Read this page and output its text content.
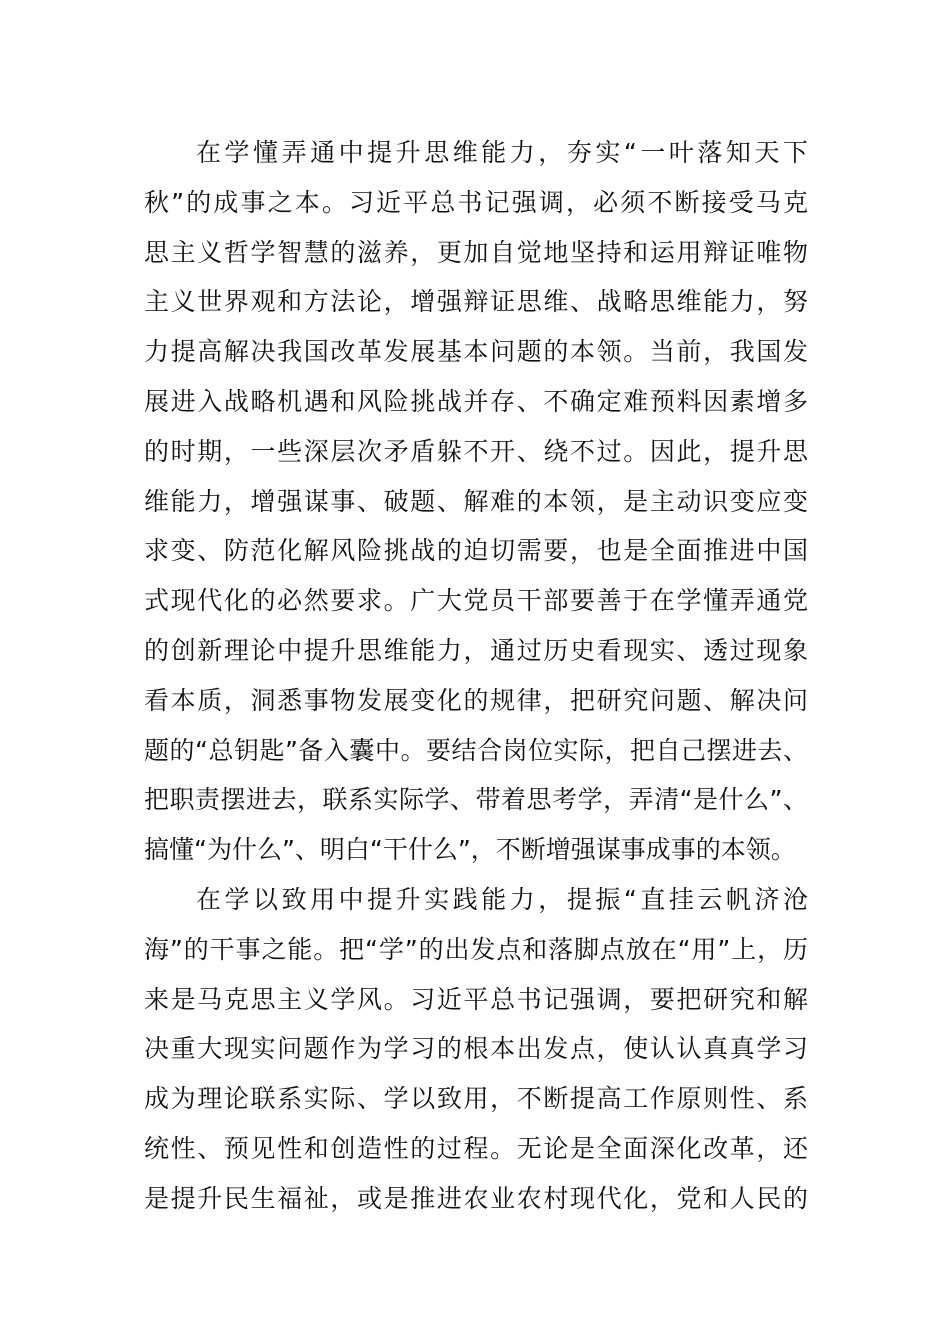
在学懂弄通中提升思维能力，夯实“一叶落知天下
秋”的成事之本。习近平总书记强调，必须不断接受马克
思主义哲学智慧的滋养，更加自觉地坚持和运用辩证唯物
主义世界观和方法论，增强辩证思维、战略思维能力，努
力提高解决我国改革发展基本问题的本领。当前，我国发
展进入战略机遇和风险挑战并存、不确定难预料因素增多
的时期，一些深层次矛盾躲不开、绕不过。因此，提升思
维能力，增强谋事、破题、解难的本领，是主动识变应变
求变、防范化解风险挑战的迫切需要，也是全面推进中国
式现代化的必然要求。广大党员干部要善于在学懂弄通党
的创新理论中提升思维能力，通过历史看现实、透过现象
看本质，洞悉事物发展变化的规律，把研究问题、解决问
题的“总钥匙”备入囊中。要结合岗位实际，把自己摆进去、
把职责摆进去，联系实际学、带着思考学，弄清“是什么”、
搞懂“为什么”、明白“干什么”，不断增强谋事成事的本领。
在学以致用中提升实践能力，提振“直挂云帆济沧
海”的干事之能。把“学”的出发点和落脚点放在“用”上，历
来是马克思主义学风。习近平总书记强调，要把研究和解
决重大现实问题作为学习的根本出发点，使认认真真学习
成为理论联系实际、学以致用，不断提高工作原则性、系
统性、预见性和创造性的过程。无论是全面深化改革，还
是提升民生福祉，或是推进农业农村现代化，党和人民的
